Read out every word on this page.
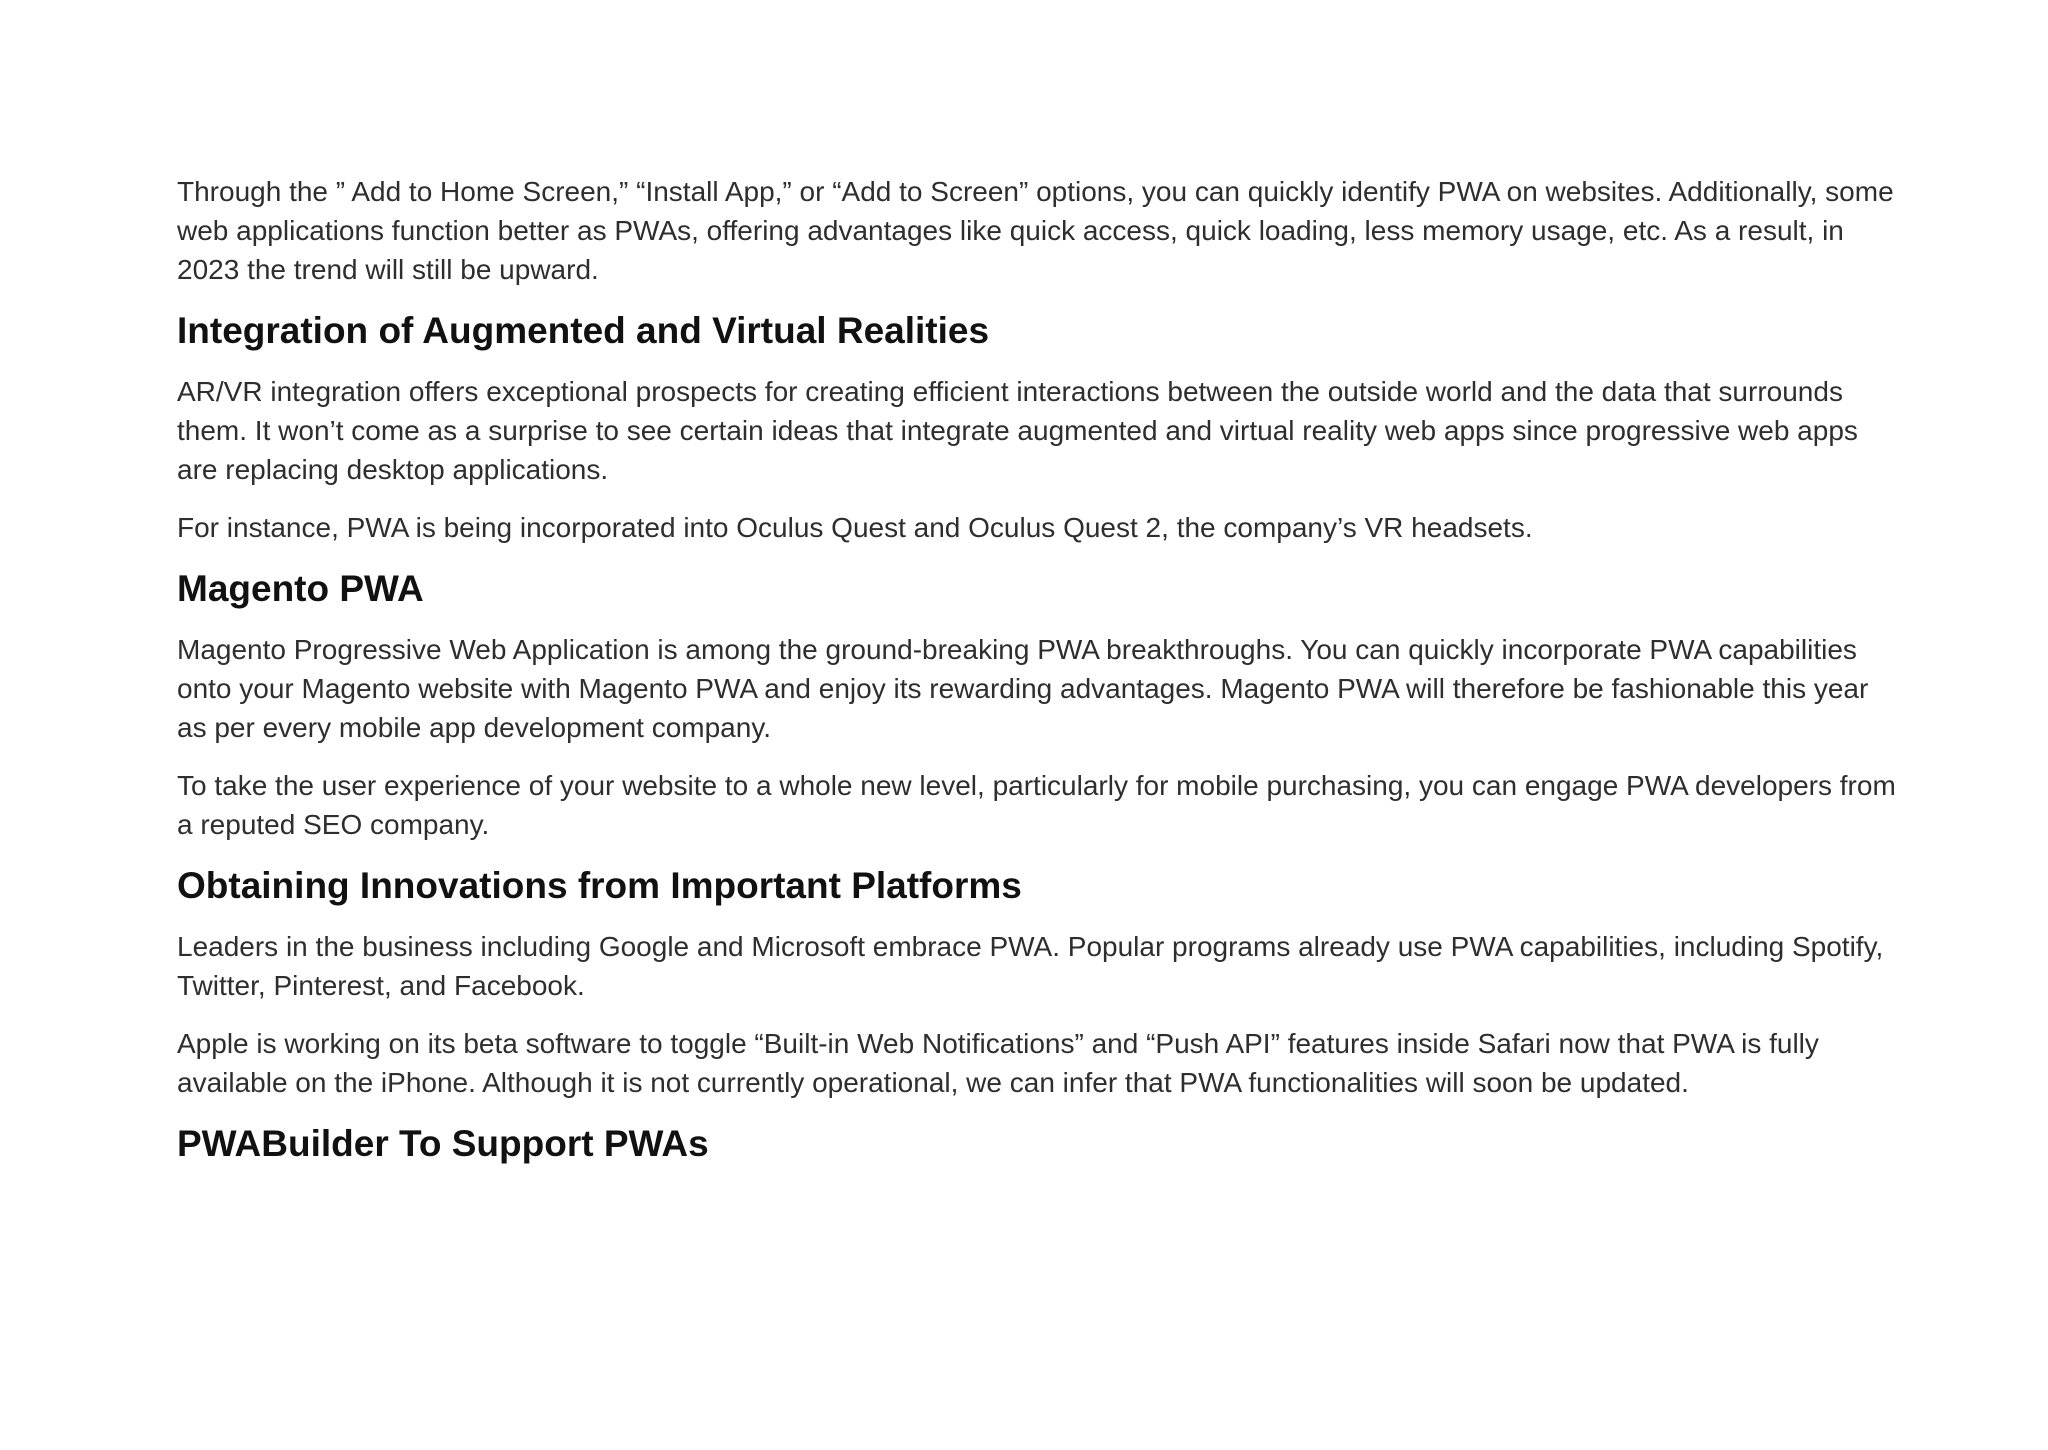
Through the ” Add to Home Screen,” “Install App,” or “Add to Screen” options, you can quickly identify PWA on websites. Additionally, some web applications function better as PWAs, offering advantages like quick access, quick loading, less memory usage, etc. As a result, in 2023 the trend will still be upward.

Integration of Augmented and Virtual Realities

AR/VR integration offers exceptional prospects for creating efficient interactions between the outside world and the data that surrounds them. It won’t come as a surprise to see certain ideas that integrate augmented and virtual reality web apps since progressive web apps are replacing desktop applications.

For instance, PWA is being incorporated into Oculus Quest and Oculus Quest 2, the company’s VR headsets.

Magento PWA

Magento Progressive Web Application is among the ground-breaking PWA breakthroughs. You can quickly incorporate PWA capabilities onto your Magento website with Magento PWA and enjoy its rewarding advantages. Magento PWA will therefore be fashionable this year as per every mobile app development company.

To take the user experience of your website to a whole new level, particularly for mobile purchasing, you can engage PWA developers from a reputed SEO company.

Obtaining Innovations from Important Platforms

Leaders in the business including Google and Microsoft embrace PWA. Popular programs already use PWA capabilities, including Spotify, Twitter, Pinterest, and Facebook.

Apple is working on its beta software to toggle “Built-in Web Notifications” and “Push API” features inside Safari now that PWA is fully available on the iPhone. Although it is not currently operational, we can infer that PWA functionalities will soon be updated.

PWABuilder To Support PWAs
